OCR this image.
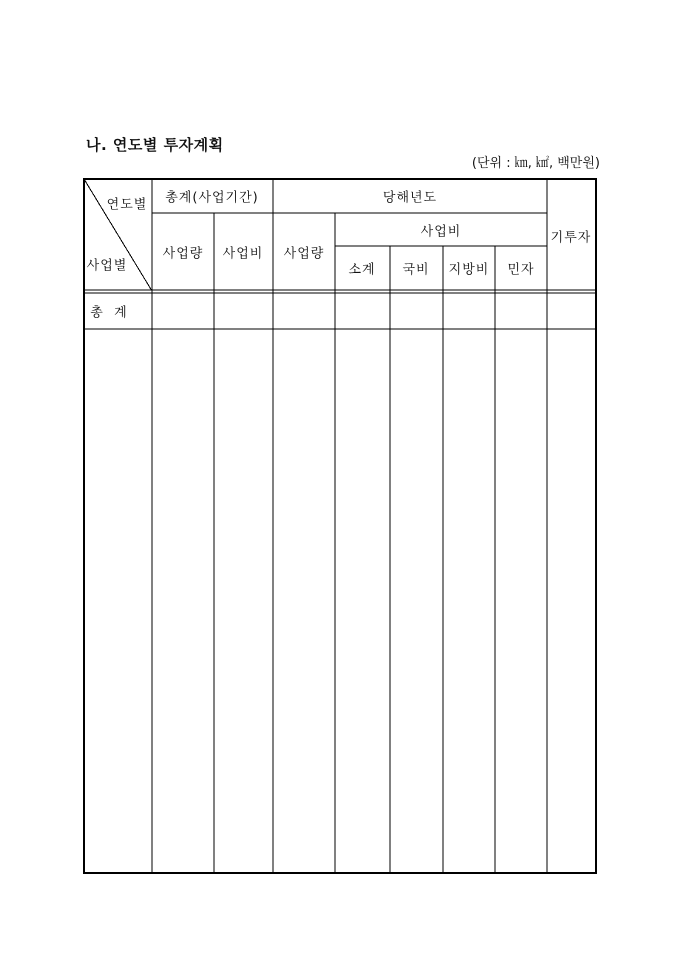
나. 연도별 투자계획
(단위 : ㎞, ㎢, 백만원)
연도별
사업별
총계(사업기간)	당해년도
사업비	기투자
사업량 사업비 사업량
소계 국비 지방비 민자
총  계
